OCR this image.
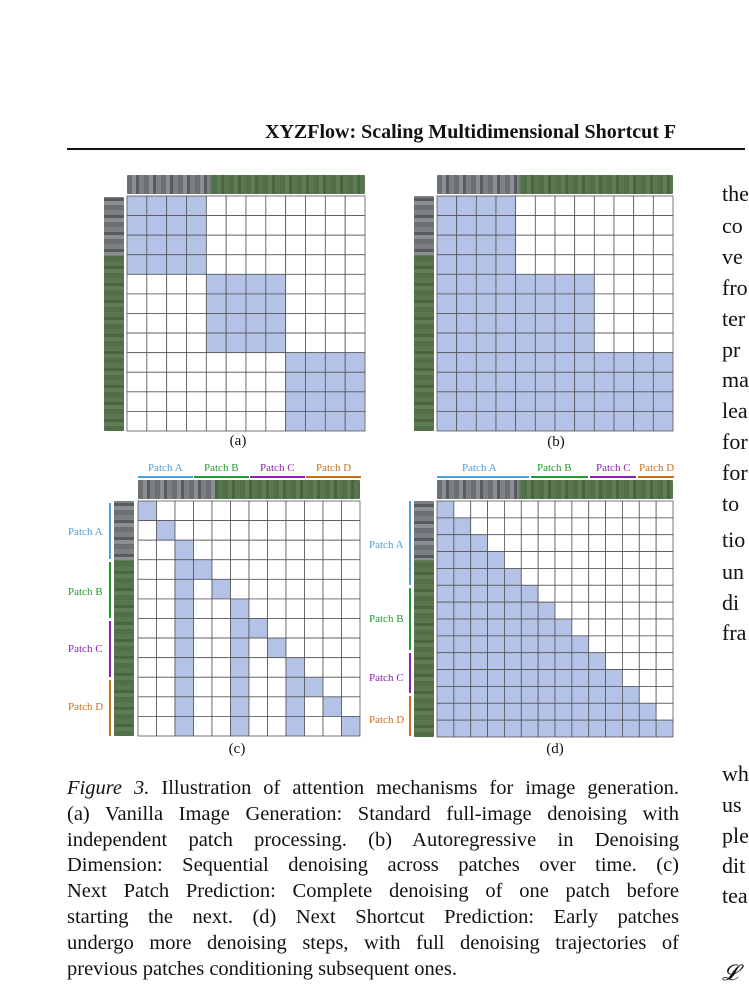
XYZFlow: Scaling Multidimensional Shortcut F
(a)	(b)
Patch A Patch B Patch C Patch D
Patch A
Patch B
Patch C
Patch D
(c)
Patch A	Patch B Patch C Patch D
Patch A
Patch B
Patch C
Patch D
(d)
Figure 3. Illustration of attention mechanisms for image generation.
(a) Vanilla Image Generation: Standard full-image denoising with
independent patch processing. (b) Autoregressive in Denoising
Dimension: Sequential denoising across patches over time. (c)
Next Patch Prediction: Complete denoising of one patch before
starting the next. (d) Next Shortcut Prediction: Early patches
undergo more denoising steps, with full denoising trajectories of
previous patches conditioning subsequent ones.
the
co
ve
fro
ter
pr
ma
lea
for
for
to
tio
un
di
fra
wh
us
ple
dit
tea
𝓛
